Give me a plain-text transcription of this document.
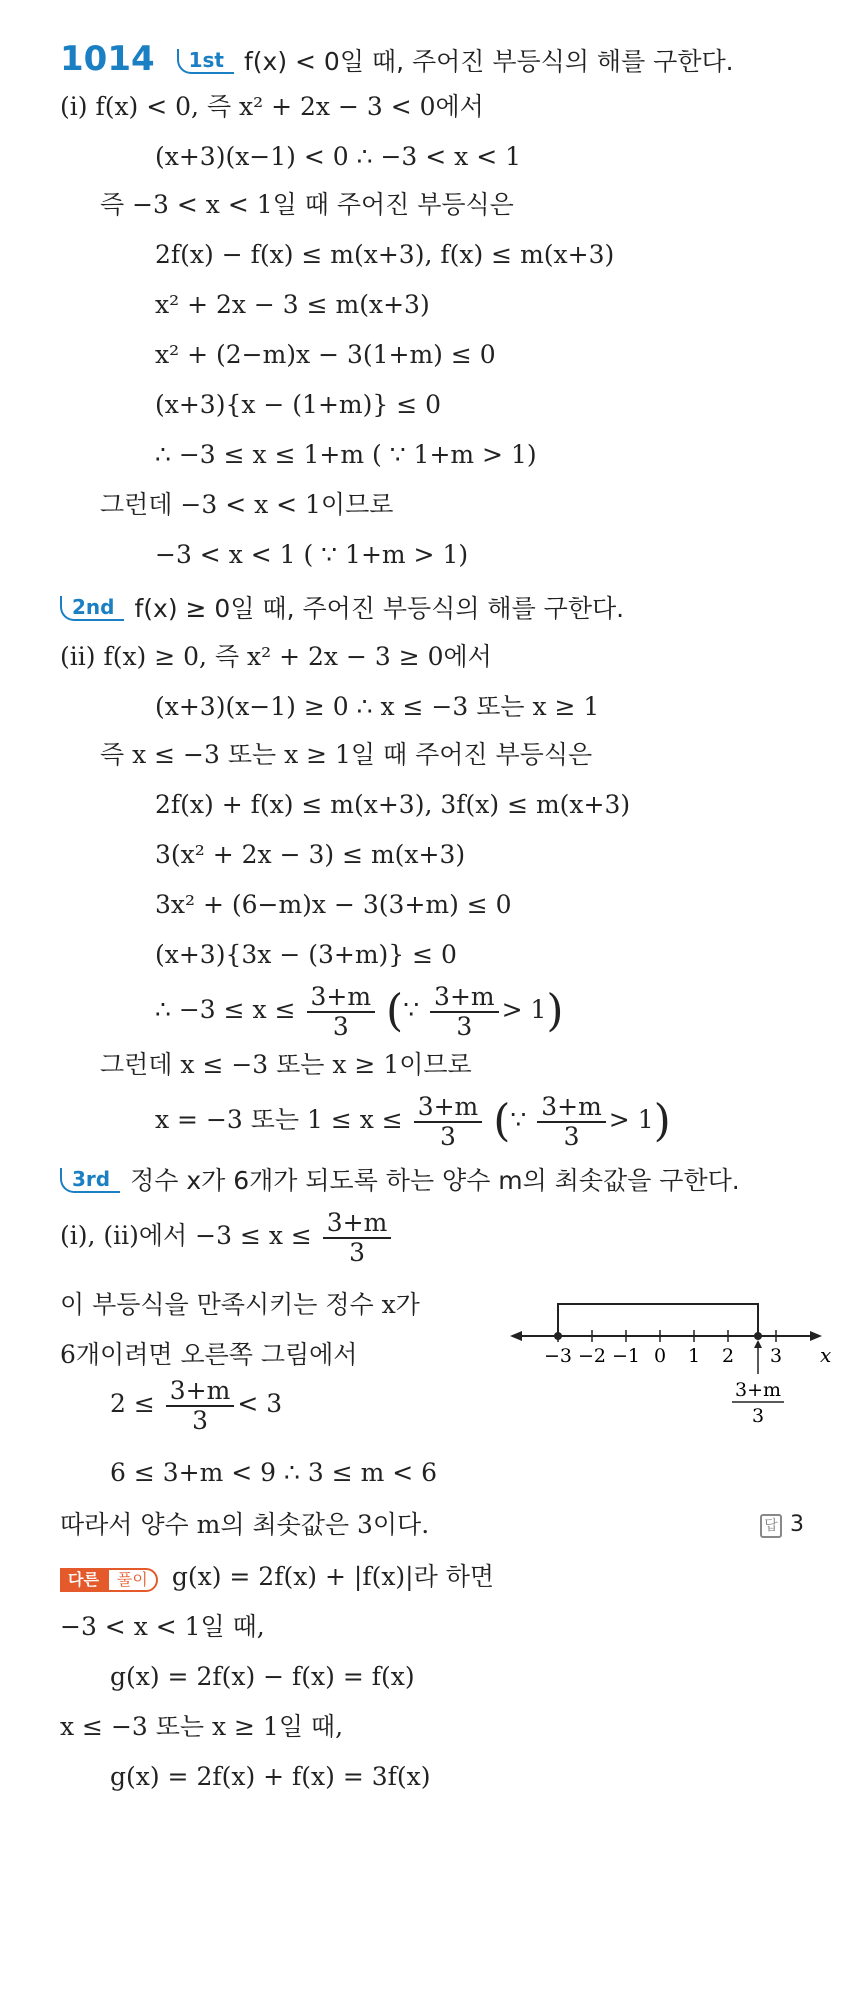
1014 1st f(x) < 0일 때, 주어진 부등식의 해를 구한다.
(i) f(x) < 0, 즉 x² + 2x − 3 < 0에서
(x+3)(x−1) < 0 ∴ −3 < x < 1
즉 −3 < x < 1일 때 주어진 부등식은
2f(x) − f(x) ≤ m(x+3), f(x) ≤ m(x+3)
x² + 2x − 3 ≤ m(x+3)
x² + (2−m)x − 3(1+m) ≤ 0
(x+3){x − (1+m)} ≤ 0
∴ −3 ≤ x ≤ 1+m ( ∵ 1+m > 1)
그런데 −3 < x < 1이므로
−3 < x < 1 ( ∵ 1+m > 1)
2nd f(x) ≥ 0일 때, 주어진 부등식의 해를 구한다.
(ii) f(x) ≥ 0, 즉 x² + 2x − 3 ≥ 0에서
(x+3)(x−1) ≥ 0 ∴ x ≤ −3 또는 x ≥ 1
즉 x ≤ −3 또는 x ≥ 1일 때 주어진 부등식은
2f(x) + f(x) ≤ m(x+3), 3f(x) ≤ m(x+3)
3(x² + 2x − 3) ≤ m(x+3)
3x² + (6−m)x − 3(3+m) ≤ 0
(x+3){3x − (3+m)} ≤ 0
∴ $-3 \le x \le \frac{3+m}{3}$ (∵ $\frac{3+m}{3} > 1$)
그런데 x ≤ −3 또는 x ≥ 1이므로
x = −3 또는 $1 \le x \le \frac{3+m}{3}$ (∵ $\frac{3+m}{3} > 1$)
3rd 정수 x가 6개가 되도록 하는 양수 m의 최솟값을 구한다.
(i), (ii)에서 $-3 \le x \le \frac{3+m}{3}$
이 부등식을 만족시키는 정수 x가
6개이려면 오른쪽 그림에서	−3 −2 −1 0 1 2 3 x
3+m
3
$2 \le \frac{3+m}{3} < 3$
6 ≤ 3+m < 9 ∴ 3 ≤ m < 6
따라서 양수 m의 최솟값은 3이다.	답 3
다른 풀이 g(x) = 2f(x) + |f(x)|라 하면
−3 < x < 1일 때,
g(x) = 2f(x) − f(x) = f(x)
x ≤ −3 또는 x ≥ 1일 때,
g(x) = 2f(x) + f(x) = 3f(x)
